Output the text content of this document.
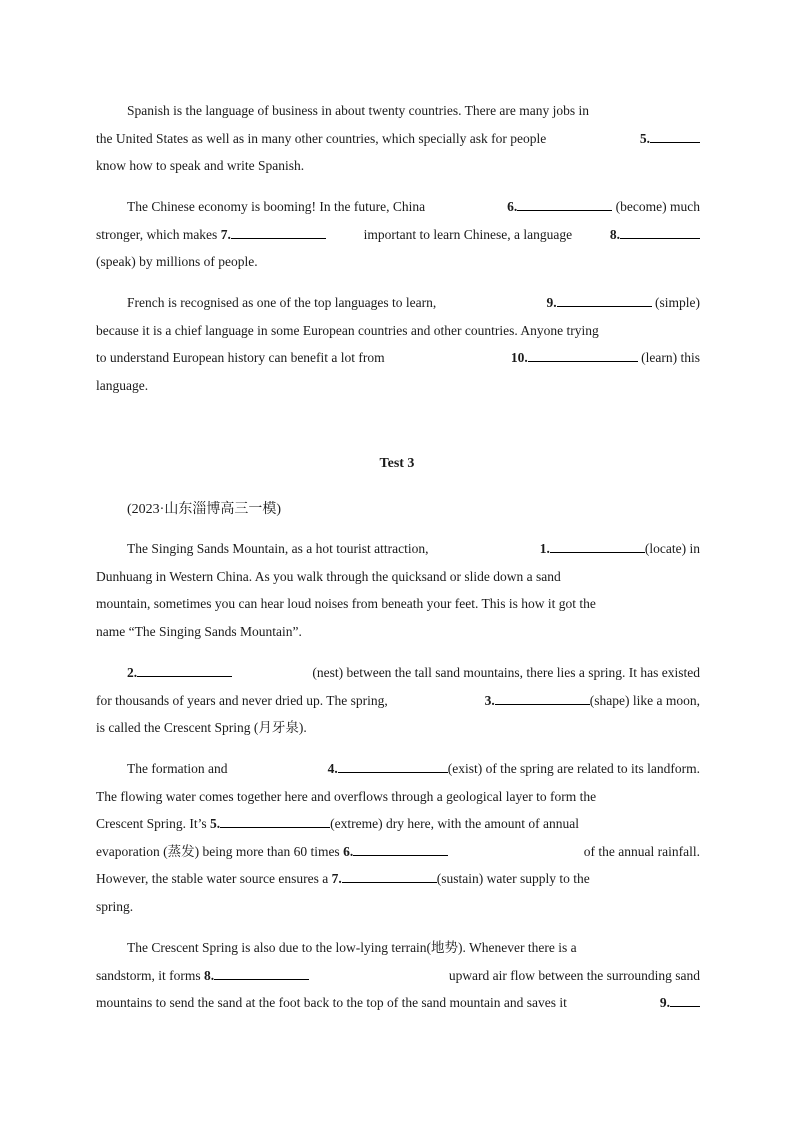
Spanish is the language of business in about twenty countries. There are many jobs in
the United States as well as in many other countries, which specially ask for people	5.
know how to speak and write Spanish.
The Chinese economy is booming! In the future, China	6.	(become) much
stronger, which makes 7.	important to learn Chinese, a language	8.
(speak) by millions of people.
French is recognised as one of the top languages to learn,	9.	(simple)
because it is a chief language in some European countries and other countries. Anyone trying
to understand European history can benefit a lot from	10.	(learn) this
language.
Test 3
(2023·山东淄博高三一模)
The Singing Sands Mountain, as a hot tourist attraction,	1.	(locate) in
Dunhuang in Western China. As you walk through the quicksand or slide down a sand
mountain, sometimes you can hear loud noises from beneath your feet. This is how it got the
name “The Singing Sands Mountain”.
2.	(nest) between the tall sand mountains, there lies a spring. It has existed
for thousands of years and never dried up. The spring,	3.	(shape) like a moon,
is called the Crescent Spring (月牙泉).
The formation and	4.	(exist) of the spring are related to its landform.
The flowing water comes together here and overflows through a geological layer to form the
Crescent Spring. It’s 5.	(extreme) dry here, with the amount of annual
evaporation (蒸发) being more than 60 times 6.	of the annual rainfall.
However, the stable water source ensures a 7.	(sustain) water supply to the
spring.
The Crescent Spring is also due to the low-lying terrain(地势). Whenever there is a
sandstorm, it forms 8.	upward air flow between the surrounding sand
mountains to send the sand at the foot back to the top of the sand mountain and saves it	9.
